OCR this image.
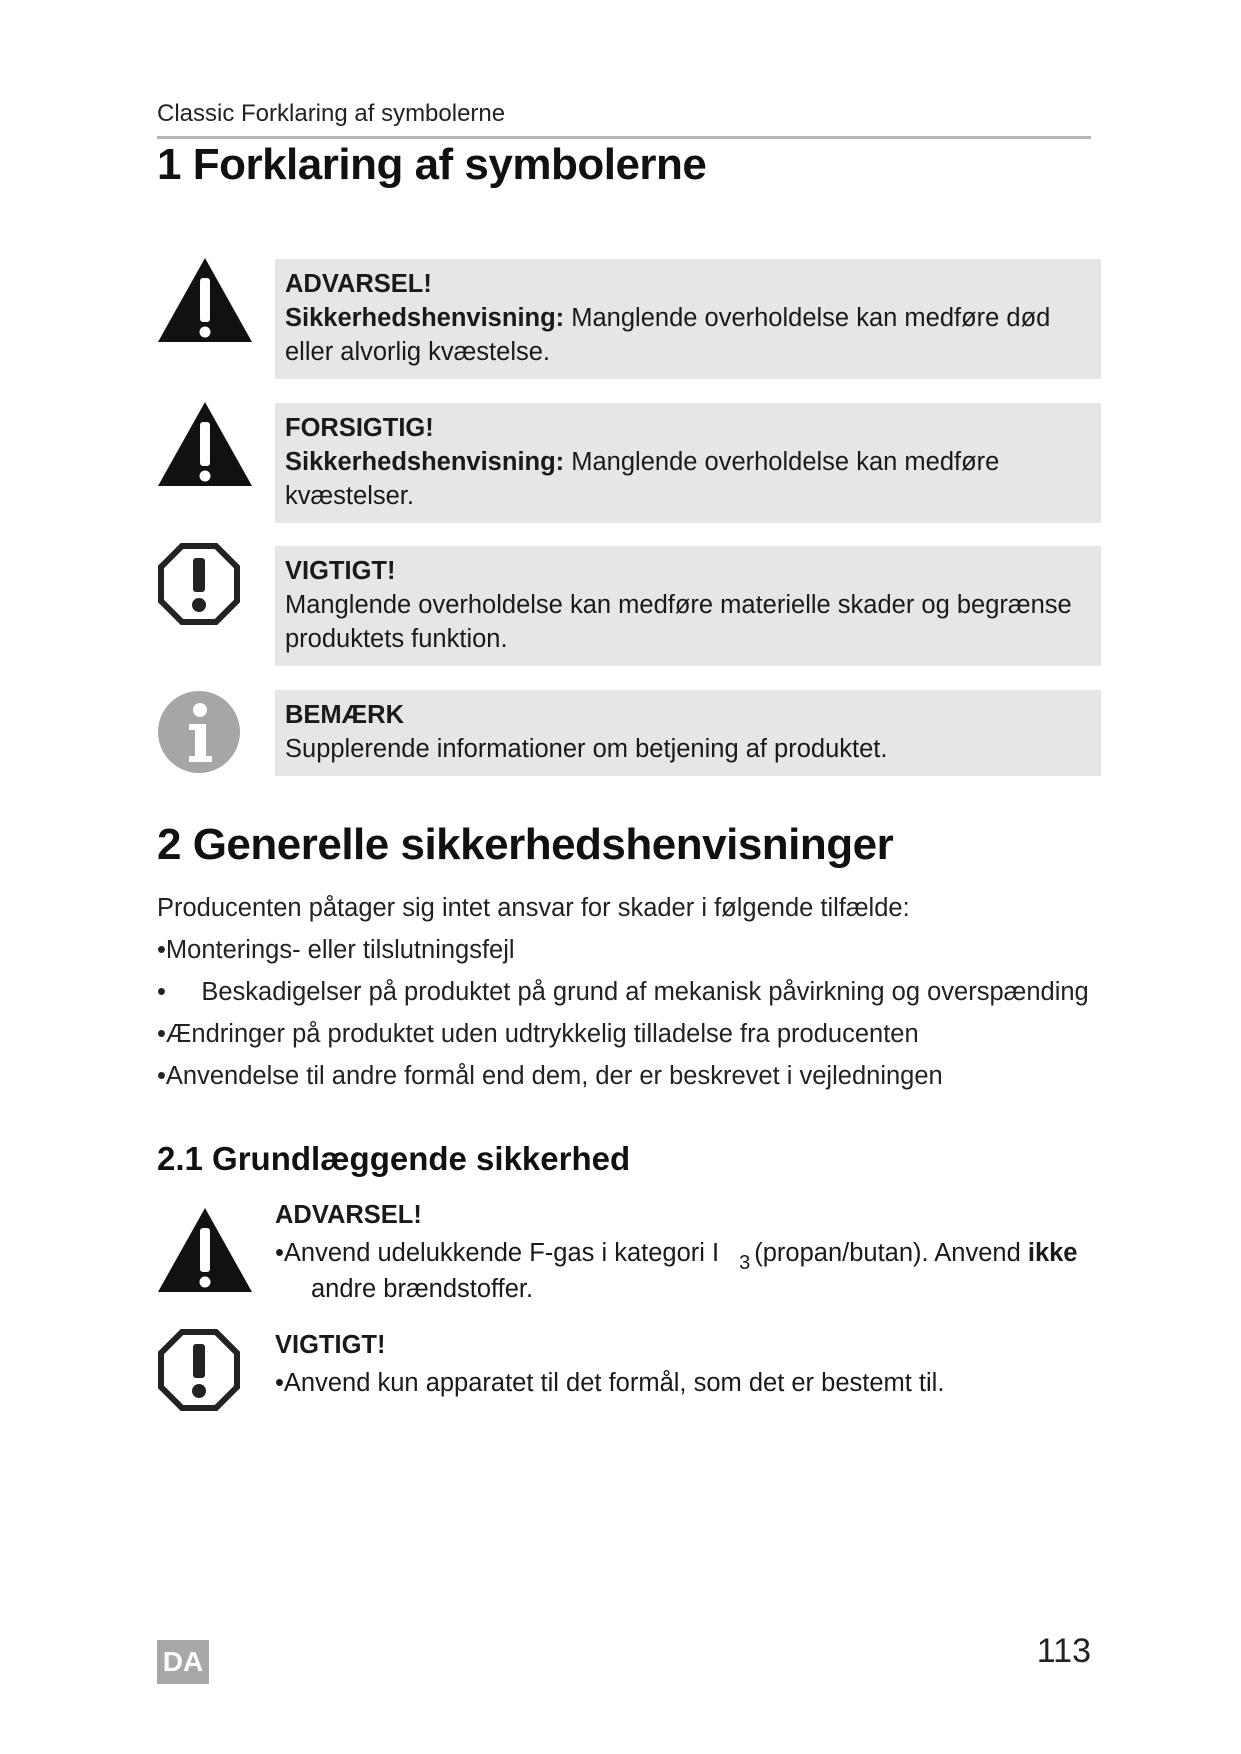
Classic Forklaring af symbolerne
1 Forklaring af symbolerne
ADVARSEL!
Sikkerhedshenvisning: Manglende overholdelse kan medføre død eller alvorlig kvæstelse.
FORSIGTIG!
Sikkerhedshenvisning: Manglende overholdelse kan medføre kvæstelser.
VIGTIGT!
Manglende overholdelse kan medføre materielle skader og begrænse produktets funktion.
BEMÆRK
Supplerende informationer om betjening af produktet.
2 Generelle sikkerhedshenvisninger
Producenten påtager sig intet ansvar for skader i følgende tilfælde:
•Monterings- eller tilslutningsfejl
•     Beskadigelser på produktet på grund af mekanisk påvirkning og overspænding
•Ændringer på produktet uden udtrykkelig tilladelse fra producenten
•Anvendelse til andre formål end dem, der er beskrevet i vejledningen
2.1 Grundlæggende sikkerhed
ADVARSEL!
•Anvend udelukkende F-gas i kategori I $_3$ (propan/butan). Anvend ikke
andre brændstoffer.
VIGTIGT!
•Anvend kun apparatet til det formål, som det er bestemt til.
DA	113
